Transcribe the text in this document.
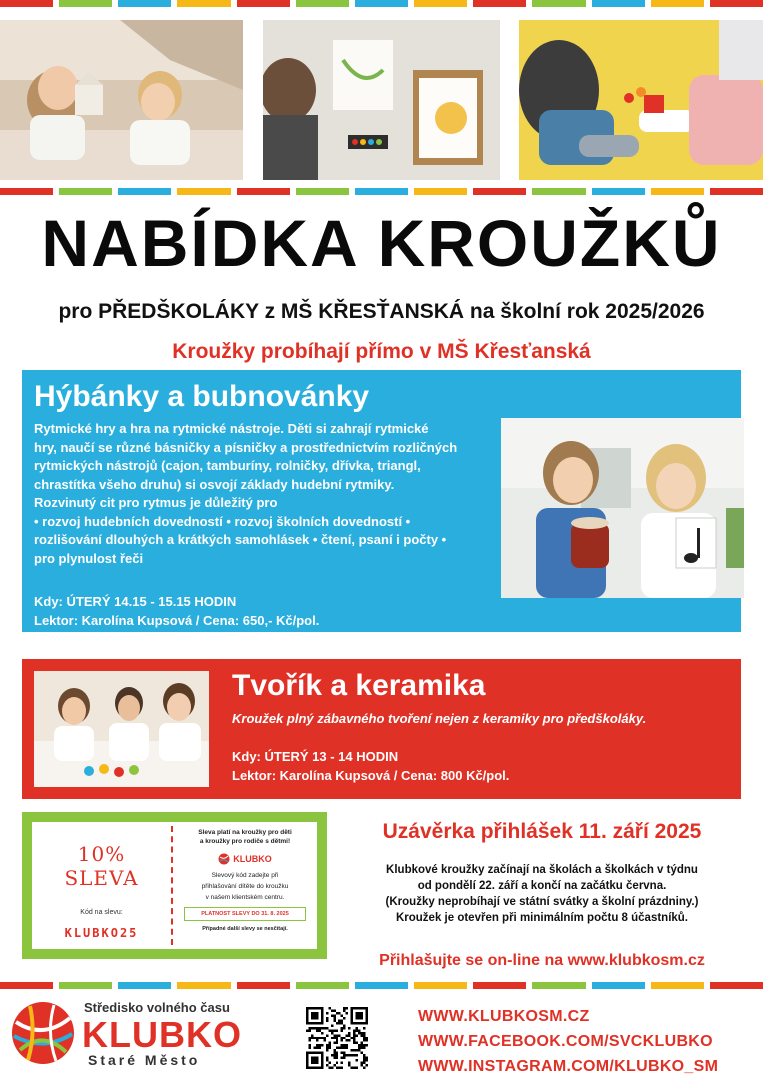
NABÍDKA KROUŽKŮ
pro PŘEDŠKOLÁKY z MŠ KŘESŤANSKÁ na školní rok 2025/2026
Kroužky probíhají přímo v MŠ Křesťanská
Hýbánky a bubnovánky
Rytmické hry a hra na rytmické nástroje. Děti si zahrají rytmické
hry, naučí se různé básničky a písničky a prostřednictvím rozličných
rytmických nástrojů (cajon, tamburíny, rolničky, dřívka, triangl,
chrastítka všeho druhu) si osvojí základy hudební rytmiky.
Rozvinutý cit pro rytmus je důležitý pro
• rozvoj hudebních dovedností • rozvoj školních dovedností •
rozlišování dlouhých a krátkých samohlásek • čtení, psaní i počty •
pro plynulost řeči
Kdy: ÚTERÝ 14.15 - 15.15 HODIN
Lektor: Karolína Kupsová / Cena: 650,- Kč/pol.
Tvořík a keramika
Kroužek plný zábavného tvoření nejen z keramiky pro předškoláky.
Kdy: ÚTERÝ 13 - 14 HODIN
Lektor: Karolína Kupsová / Cena: 800 Kč/pol.
10%
SLEVA
Kód na slevu:
KLUBKO25
Sleva platí na kroužky pro děti
a kroužky pro rodiče s dětmi!
KLUBKO
Slevový kód zadejte při
přihlašování dítěte do kroužku
v našem klientském centru.
PLATNOST SLEVY DO 31. 8. 2025
Případné další slevy se nesčítají.
Uzávěrka přihlášek 11. září 2025
Klubkové kroužky začínají na školách a školkách v týdnu
od pondělí 22. září a končí na začátku června.
(Kroužky neprobíhají ve státní svátky a školní prázdniny.)
Kroužek je otevřen při minimálním počtu 8 účastníků.
Přihlašujte se on-line na www.klubkosm.cz
Středisko volného času
KLUBKO
Staré Město
WWW.KLUBKOSM.CZ
WWW.FACEBOOK.COM/SVCKLUBKO
WWW.INSTAGRAM.COM/KLUBKO_SM
